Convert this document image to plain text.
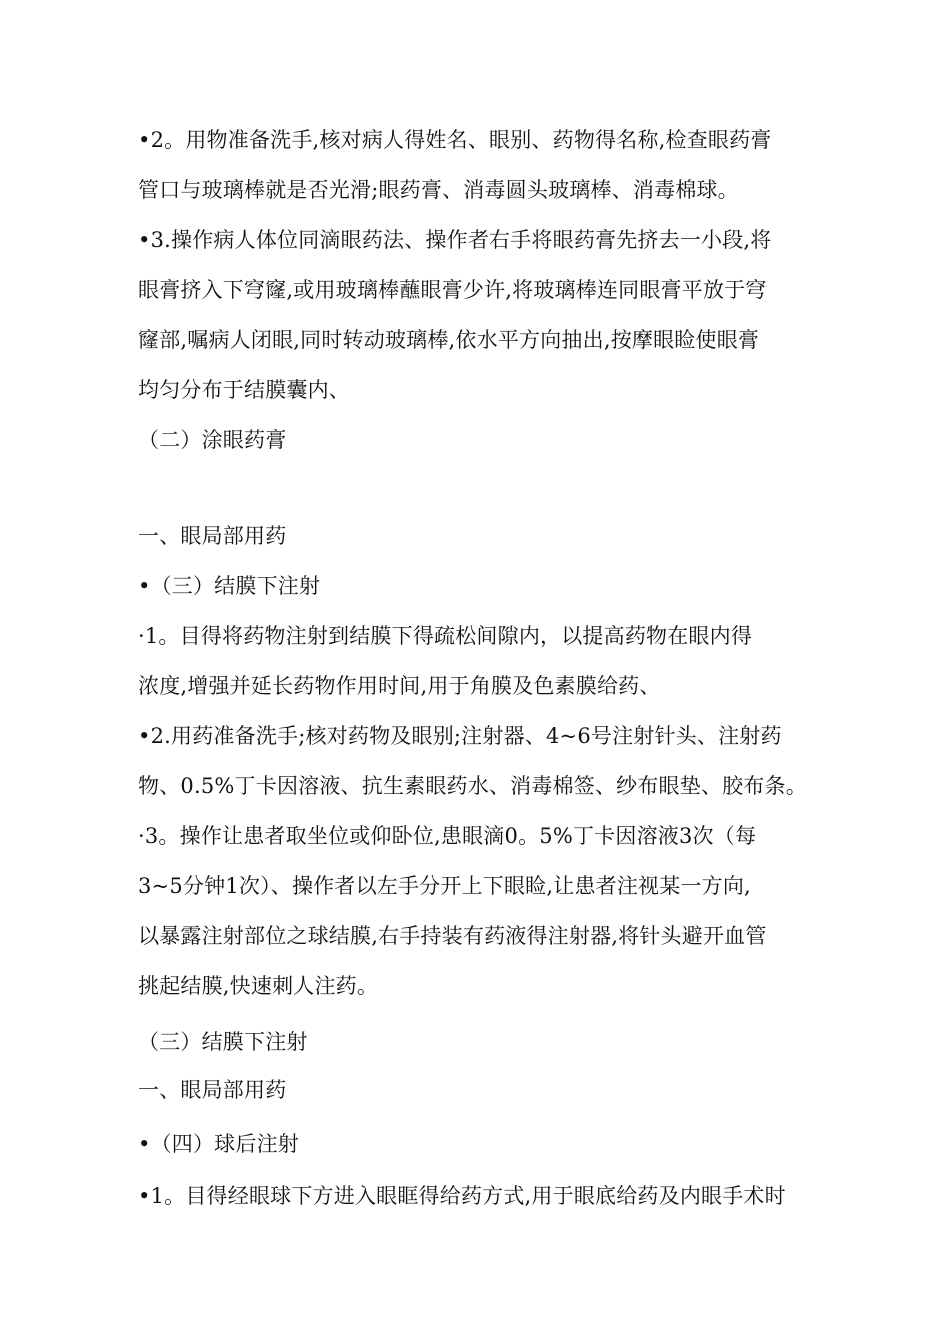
•2。用物准备洗手,核对病人得姓名、眼别、药物得名称,检查眼药膏
管口与玻璃棒就是否光滑;眼药膏、消毒圆头玻璃棒、消毒棉球。
•3.操作病人体位同滴眼药法、操作者右手将眼药膏先挤去一小段,将
眼膏挤入下穹窿,或用玻璃棒蘸眼膏少许,将玻璃棒连同眼膏平放于穹
窿部,嘱病人闭眼,同时转动玻璃棒,依水平方向抽出,按摩眼睑使眼膏
均匀分布于结膜囊内、
（二）涂眼药膏
一、眼局部用药
•（三）结膜下注射
·1。目得将药物注射到结膜下得疏松间隙内，以提高药物在眼内得
浓度,增强并延长药物作用时间,用于角膜及色素膜给药、
•2.用药准备洗手;核对药物及眼别;注射器、4~6号注射针头、注射药
物、0.5%丁卡因溶液、抗生素眼药水、消毒棉签、纱布眼垫、胶布条。
·3。操作让患者取坐位或仰卧位,患眼滴0。5%丁卡因溶液3次（每
3~5分钟1次）、操作者以左手分开上下眼睑,让患者注视某一方向,
以暴露注射部位之球结膜,右手持装有药液得注射器,将针头避开血管
挑起结膜,快速刺人注药。
（三）结膜下注射
一、眼局部用药
•（四）球后注射
•1。目得经眼球下方进入眼眶得给药方式,用于眼底给药及内眼手术时
